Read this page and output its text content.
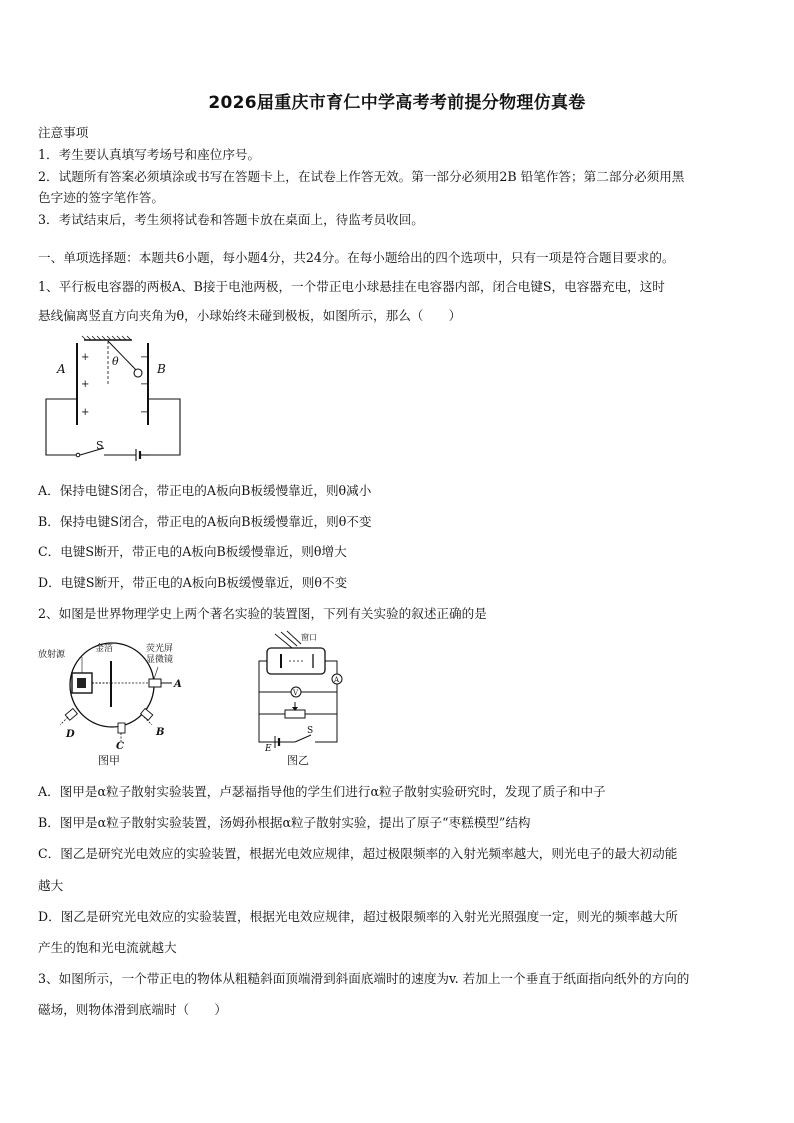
2026届重庆市育仁中学高考考前提分物理仿真卷
注意事项
1．考生要认真填写考场号和座位序号。
2．试题所有答案必须填涂或书写在答题卡上，在试卷上作答无效。第一部分必须用2B 铅笔作答；第二部分必须用黑
色字迹的签字笔作答。
3．考试结束后，考生须将试卷和答题卡放在桌面上，待监考员收回。
一、单项选择题：本题共6小题，每小题4分，共24分。在每小题给出的四个选项中，只有一项是符合题目要求的。
1、平行板电容器的两极A、B接于电池两极，一个带正电小球悬挂在电容器内部，闭合电键S，电容器充电，这时
悬线偏离竖直方向夹角为θ，小球始终未碰到极板，如图所示，那么（　　）
A	B
θ
S
+
+
+
−
−
−
A．保持电键S闭合，带正电的A板向B板缓慢靠近，则θ减小
B．保持电键S闭合，带正电的A板向B板缓慢靠近，则θ不变
C．电键S断开，带正电的A板向B板缓慢靠近，则θ增大
D．电键S断开，带正电的A板向B板缓慢靠近，则θ不变
2、如图是世界物理学史上两个著名实验的装置图，下列有关实验的叙述正确的是
放射源
金箔	荧光屏
显微镜
A
B
C
D
图甲
窗口
V
A
E
S
图乙
A．图甲是α粒子散射实验装置，卢瑟福指导他的学生们进行α粒子散射实验研究时，发现了质子和中子
B．图甲是α粒子散射实验装置，汤姆孙根据α粒子散射实验，提出了原子“枣糕模型”结构
C．图乙是研究光电效应的实验装置，根据光电效应规律，超过极限频率的入射光频率越大，则光电子的最大初动能
越大
D．图乙是研究光电效应的实验装置，根据光电效应规律，超过极限频率的入射光光照强度一定，则光的频率越大所
产生的饱和光电流就越大
3、如图所示，一个带正电的物体从粗糙斜面顶端滑到斜面底端时的速度为v. 若加上一个垂直于纸面指向纸外的方向的
磁场，则物体滑到底端时（　　）
